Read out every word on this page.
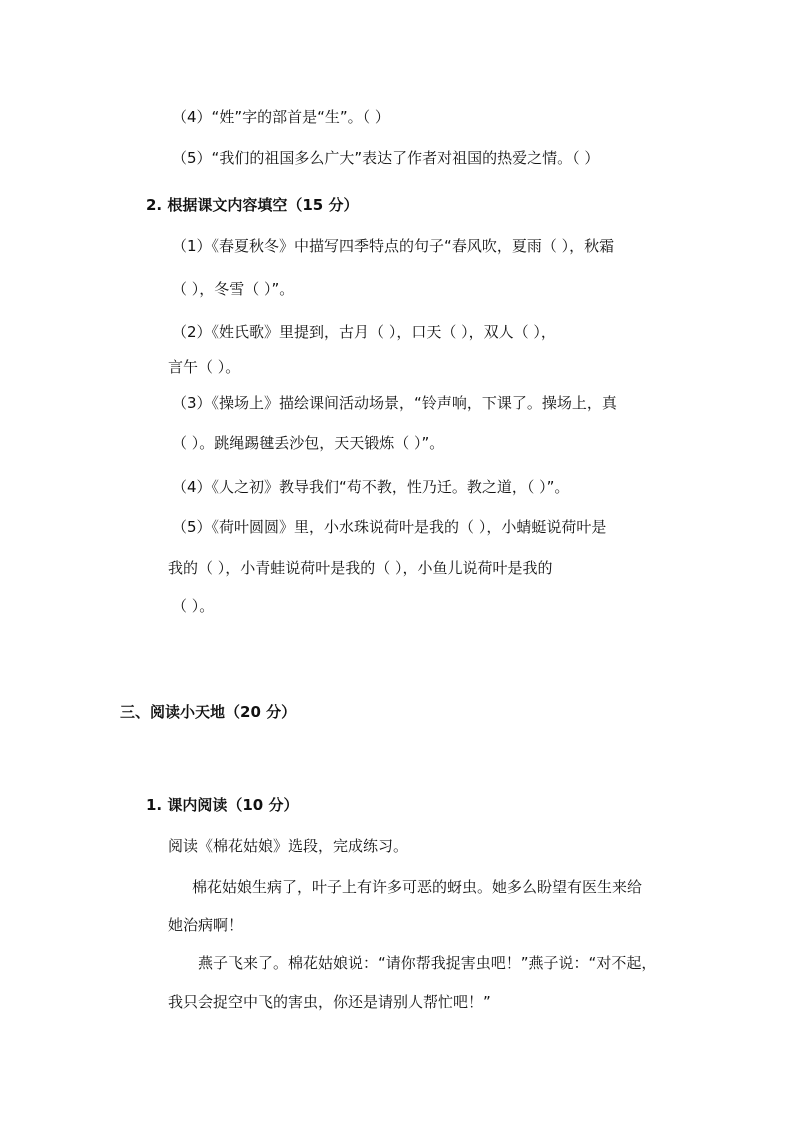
（4）“姓”字的部首是“生”。（ ）
（5）“我们的祖国多么广大”表达了作者对祖国的热爱之情。（ ）
2. 根据课文内容填空（15 分）
（1）《春夏秋冬》中描写四季特点的句子“春风吹，夏雨（ ），秋霜
（ ），冬雪（ ）”。
（2）《姓氏歌》里提到，古月（ ），口天（ ），双人（ ），
言午（ ）。
（3）《操场上》描绘课间活动场景，“铃声响，下课了。操场上，真
（ ）。跳绳踢毽丢沙包，天天锻炼（ ）”。
（4）《人之初》教导我们“苟不教，性乃迁。教之道，（ ）”。
（5）《荷叶圆圆》里，小水珠说荷叶是我的（ ），小蜻蜓说荷叶是
我的（ ），小青蛙说荷叶是我的（ ），小鱼儿说荷叶是我的
（ ）。
三、阅读小天地（20 分）
1. 课内阅读（10 分）
阅读《棉花姑娘》选段，完成练习。
棉花姑娘生病了，叶子上有许多可恶的蚜虫。她多么盼望有医生来给
她治病啊！
燕子飞来了。棉花姑娘说：“请你帮我捉害虫吧！”燕子说：“对不起，
我只会捉空中飞的害虫，你还是请别人帮忙吧！”
